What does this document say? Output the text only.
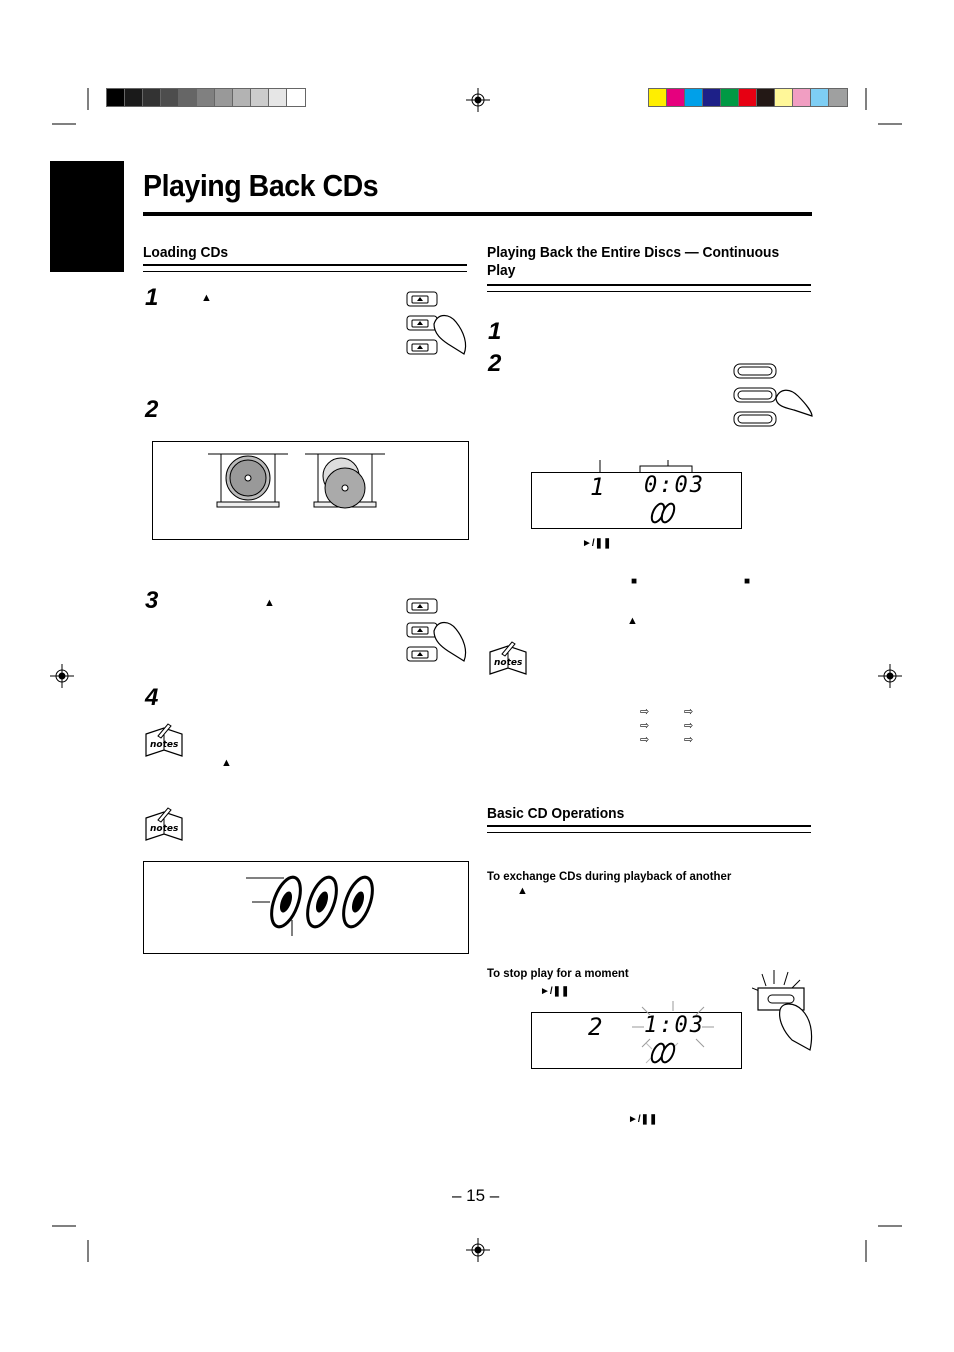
Playing Back CDs
Loading CDs
1	▲
2
3	▲
4
notes
▲
notes
Playing Back the Entire Discs — Continuous Play
1
2
1 0:03
►/❚❚
■	■
▲
notes
⇨	⇨
⇨	⇨
⇨	⇨
Basic CD Operations
To exchange CDs during playback of another
▲
To stop play for a moment
►/❚❚
2 1:03
►/❚❚
– 15 –
